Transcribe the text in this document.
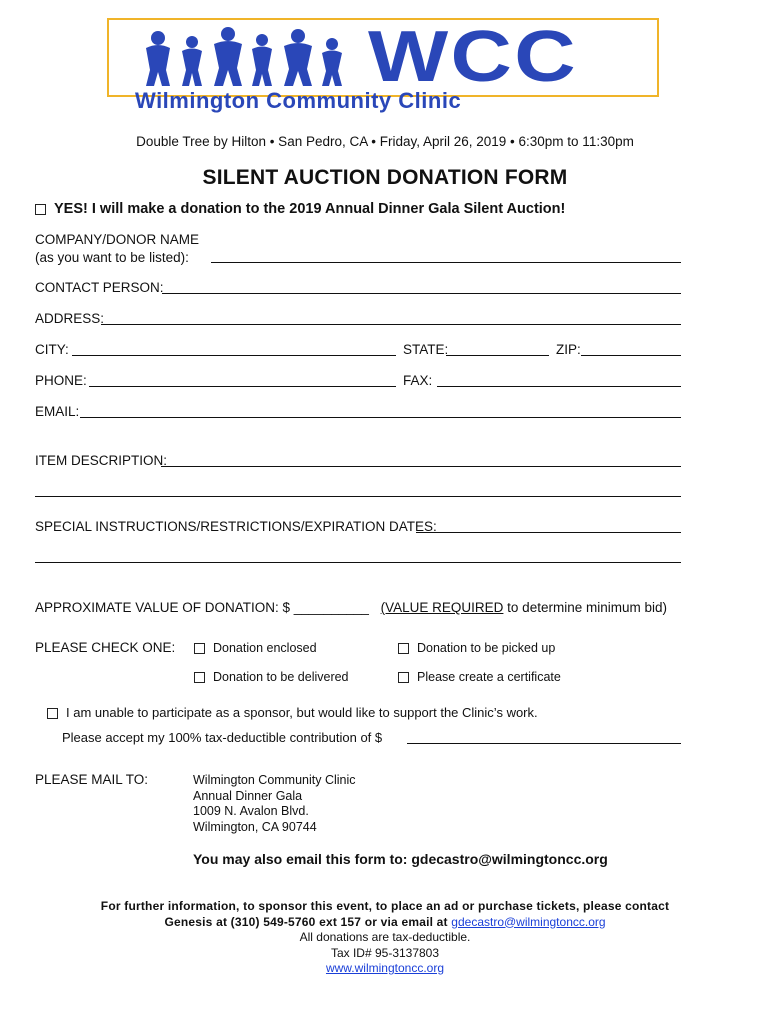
WCC
Wilmington Community Clinic
Double Tree by Hilton • San Pedro, CA • Friday, April 26, 2019 • 6:30pm to 11:30pm
SILENT AUCTION DONATION FORM
YES! I will make a donation to the 2019 Annual Dinner Gala Silent Auction!
COMPANY/DONOR NAME
(as you want to be listed):
CONTACT PERSON:
ADDRESS:
CITY:	STATE:	ZIP:
PHONE:	FAX:
EMAIL:
ITEM DESCRIPTION:
SPECIAL INSTRUCTIONS/RESTRICTIONS/EXPIRATION DATES:
APPROXIMATE VALUE OF DONATION: $ __________ (VALUE REQUIRED to determine minimum bid)
PLEASE CHECK ONE:	Donation enclosed	Donation to be picked up
Donation to be delivered	Please create a certificate
I am unable to participate as a sponsor, but would like to support the Clinic’s work.
Please accept my 100% tax-deductible contribution of $
PLEASE MAIL TO:	Wilmington Community Clinic
Annual Dinner Gala
1009 N. Avalon Blvd.
Wilmington, CA 90744
You may also email this form to: gdecastro@wilmingtoncc.org
For further information, to sponsor this event, to place an ad or purchase tickets, please contact
Genesis at (310) 549-5760 ext 157 or via email at gdecastro@wilmingtoncc.org
All donations are tax-deductible.
Tax ID# 95-3137803
www.wilmingtoncc.org
